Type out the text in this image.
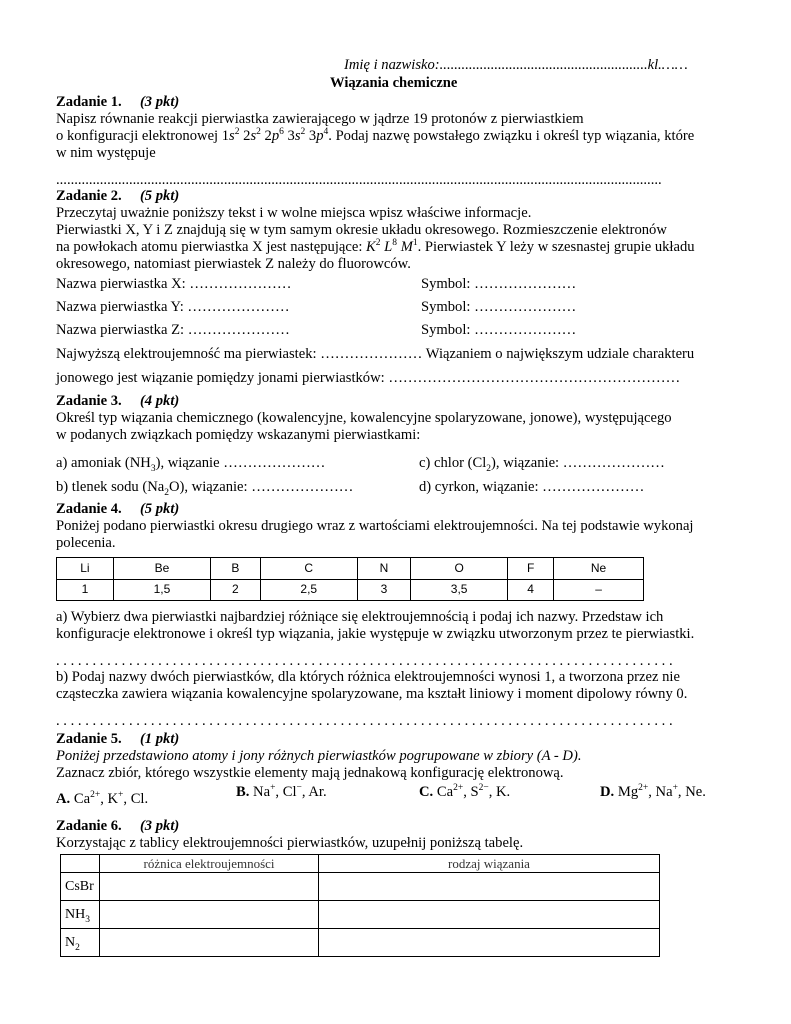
Imię i nazwisko:.........................................................kl.……
Wiązania chemiczne
Zadanie 1. (3 pkt)
Napisz równanie reakcji pierwiastka zawierającego w jądrze 19 protonów z pierwiastkiem
o konfiguracji elektronowej $1s^2$ $2s^2$ $2p^6$ $3s^2$ $3p^4$. Podaj nazwę powstałego związku i określ typ wiązania, które
w nim występuje
......................................................................................................................................................................
Zadanie 2. (5 pkt)
Przeczytaj uważnie poniższy tekst i w wolne miejsca wpisz właściwe informacje.
Pierwiastki X, Y i Z znajdują się w tym samym okresie układu okresowego. Rozmieszczenie elektronów
na powłokach atomu pierwiastka X jest następujące: $K^2$ $L^8$ $M^1$. Pierwiastek Y leży w szesnastej grupie układu
okresowego, natomiast pierwiastek Z należy do fluorowców.
Nazwa pierwiastka X: …………………	Symbol: …………………
Nazwa pierwiastka Y: …………………	Symbol: …………………
Nazwa pierwiastka Z: …………………	Symbol: …………………
Najwyższą elektroujemność ma pierwiastek: ………………… Wiązaniem o największym udziale charakteru
jonowego jest wiązanie pomiędzy jonami pierwiastków: ……………………………………………………
Zadanie 3. (4 pkt)
Określ typ wiązania chemicznego (kowalencyjne, kowalencyjne spolaryzowane, jonowe), występującego
w podanych związkach pomiędzy wskazanymi pierwiastkami:
a) amoniak $(NH_3)$, wiązanie …………………	c) chlor $(Cl_2)$, wiązanie: …………………
b) tlenek sodu $(Na_2O)$, wiązanie: …………………	d) cyrkon, wiązanie: …………………
Zadanie 4. (5 pkt)
Poniżej podano pierwiastki okresu drugiego wraz z wartościami elektroujemności. Na tej podstawie wykonaj
polecenia.
Li	Be	B	C	N	O	F	Ne
1	1,5	2	2,5	3	3,5	4	–
a) Wybierz dwa pierwiastki najbardziej różniące się elektroujemnością i podaj ich nazwy. Przedstaw ich
konfiguracje elektronowe i określ typ wiązania, jakie występuje w związku utworzonym przez te pierwiastki.
. . . . . . . . . . . . . . . . . . . . . . . . . . . . . . . . . . . . . . . . . . . . . . . . . . . . . . . . . . . . . . . . . . . . . . . . . . . . . . . . . . . . .
b) Podaj nazwy dwóch pierwiastków, dla których różnica elektroujemności wynosi 1, a tworzona przez nie
cząsteczka zawiera wiązania kowalencyjne spolaryzowane, ma kształt liniowy i moment dipolowy równy 0.
. . . . . . . . . . . . . . . . . . . . . . . . . . . . . . . . . . . . . . . . . . . . . . . . . . . . . . . . . . . . . . . . . . . . . . . . . . . . . . . . . . . . .
Zadanie 5. (1 pkt)
Poniżej przedstawiono atomy i jony różnych pierwiastków pogrupowane w zbiory (A - D).
Zaznacz zbiór, którego wszystkie elementy mają jednakową konfigurację elektronową.
A. $Ca^{2+}$, K+, Cl.	B. Na+, Cl−, Ar.	C. $Ca^{2+}$, $S^{2-}$, K.	D. $Mg^{2+}$, Na+, Ne.
Zadanie 6. (3 pkt)
Korzystając z tablicy elektroujemności pierwiastków, uzupełnij poniższą tabelę.
	różnica elektroujemności	rodzaj wiązania
CsBr		
$NH_3$		
$N_2$		
